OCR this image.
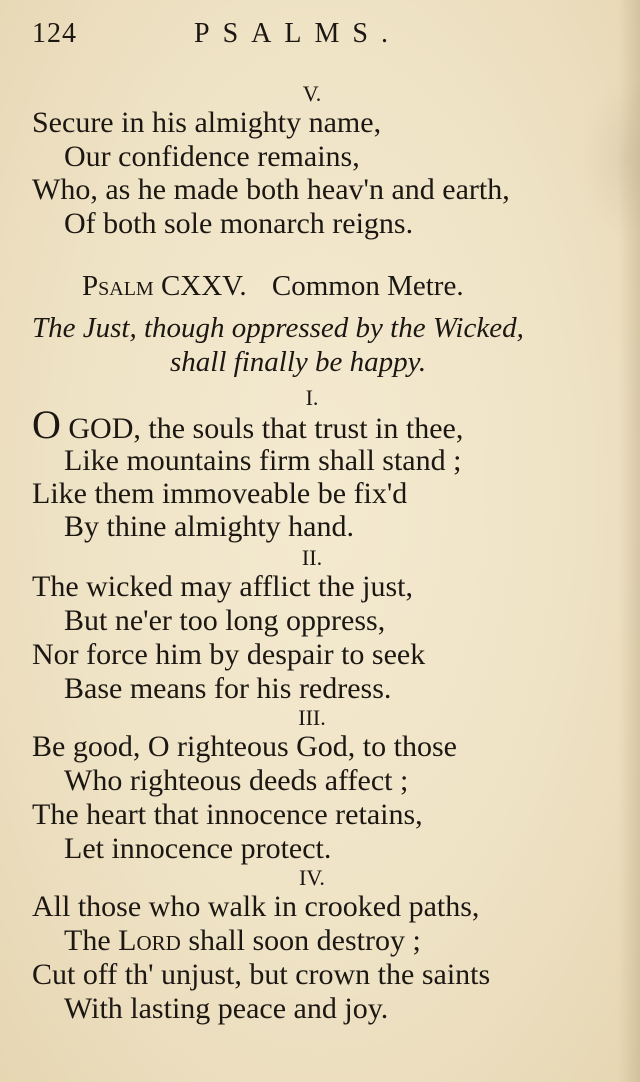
124	PSALMS.
V.
Secure in his almighty name,
Our confidence remains,
Who, as he made both heav'n and earth,
Of both sole monarch reigns.
Psalm CXXV. Common Metre.
The Just, though oppressed by the Wicked,
shall finally be happy.
I.
O GOD, the souls that trust in thee,
Like mountains firm shall stand ;
Like them immoveable be fix'd
By thine almighty hand.
II.
The wicked may afflict the just,
But ne'er too long oppress,
Nor force him by despair to seek
Base means for his redress.
III.
Be good, O righteous God, to those
Who righteous deeds affect ;
The heart that innocence retains,
Let innocence protect.
IV.
All those who walk in crooked paths,
The Lord shall soon destroy ;
Cut off th' unjust, but crown the saints
With lasting peace and joy.
